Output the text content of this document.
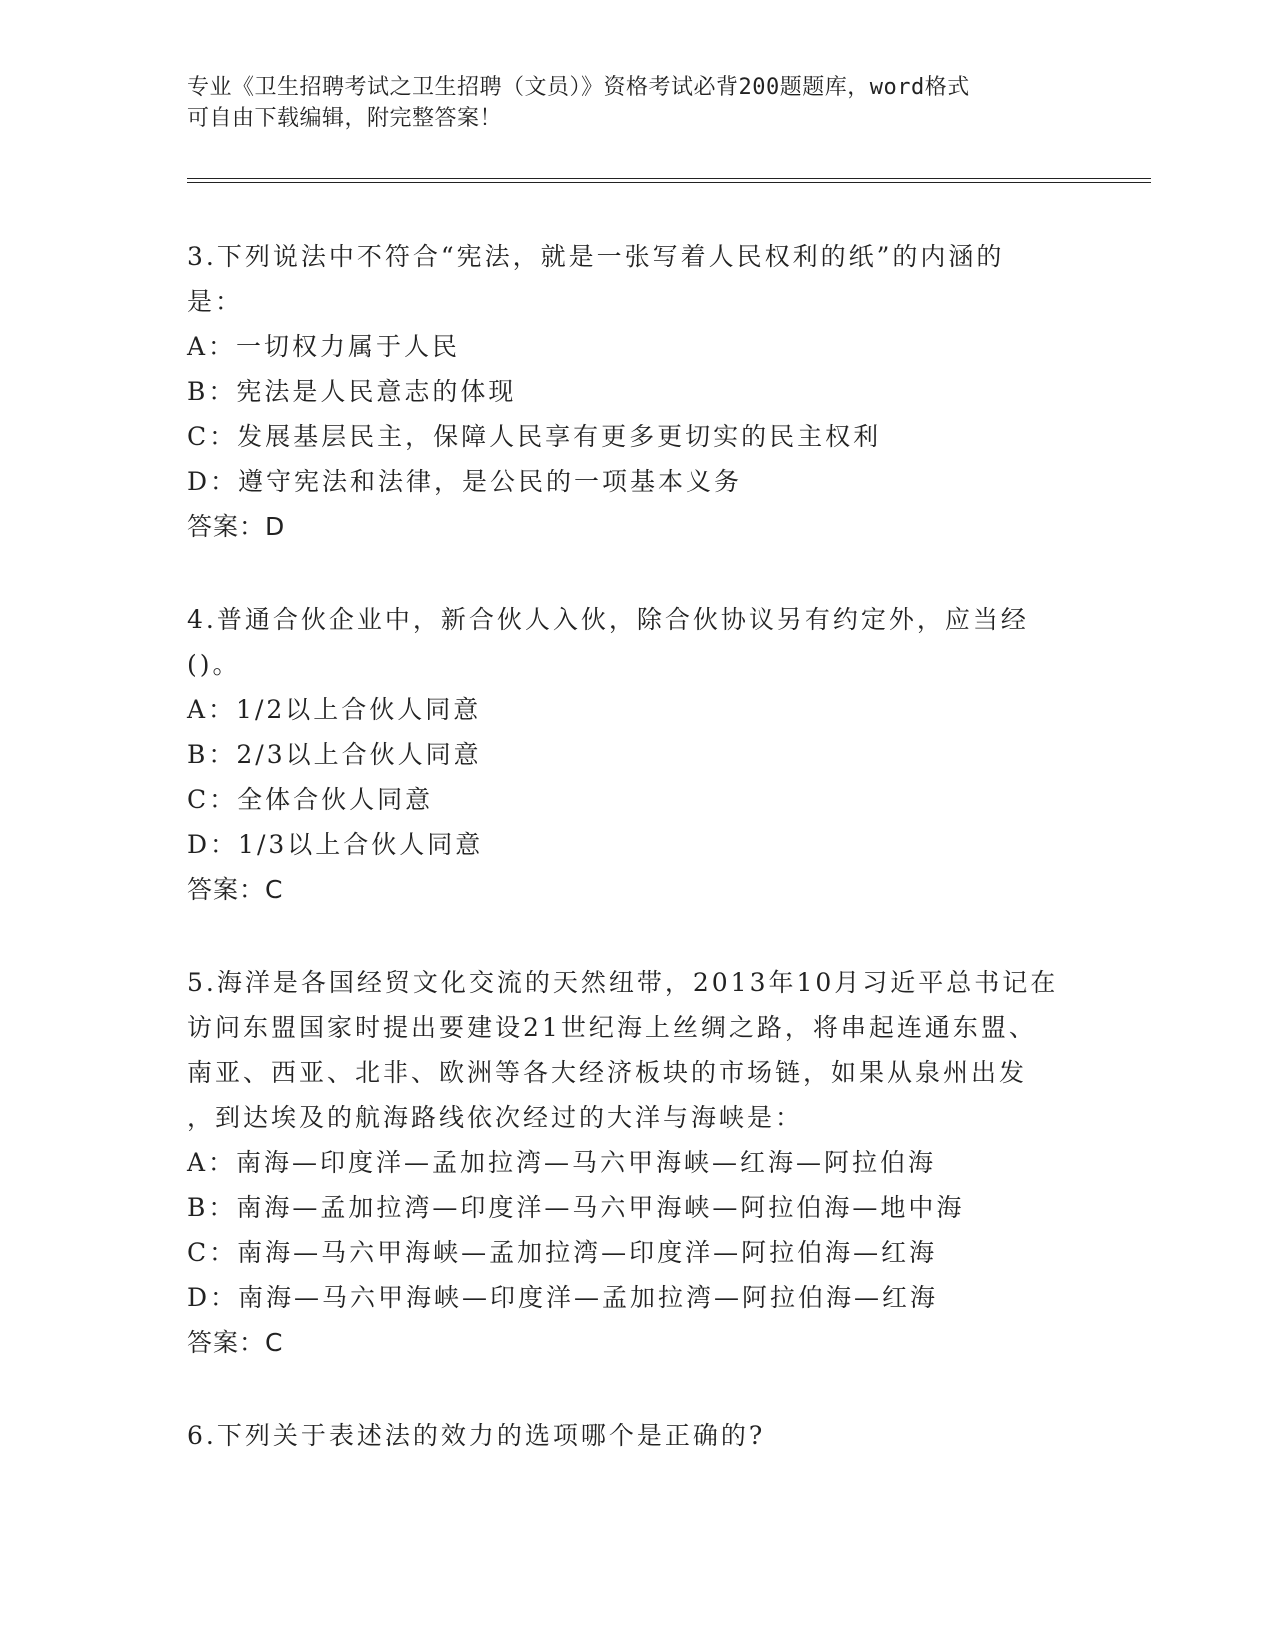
专业《卫生招聘考试之卫生招聘（文员）》资格考试必背200题题库，word格式
可自由下载编辑，附完整答案！

3.下列说法中不符合“宪法，就是一张写着人民权利的纸”的内涵的

是：

A：一切权力属于人民

B：宪法是人民意志的体现

C：发展基层民主，保障人民享有更多更切实的民主权利

D：遵守宪法和法律，是公民的一项基本义务

答案：D

4.普通合伙企业中，新合伙人入伙，除合伙协议另有约定外，应当经

()。

A：1/2以上合伙人同意

B：2/3以上合伙人同意

C：全体合伙人同意

D：1/3以上合伙人同意

答案：C

5.海洋是各国经贸文化交流的天然纽带，2013年10月习近平总书记在

访问东盟国家时提出要建设21世纪海上丝绸之路，将串起连通东盟、

南亚、西亚、北非、欧洲等各大经济板块的市场链，如果从泉州出发

，到达埃及的航海路线依次经过的大洋与海峡是：

A：南海—印度洋—孟加拉湾—马六甲海峡—红海—阿拉伯海

B：南海—孟加拉湾—印度洋—马六甲海峡—阿拉伯海—地中海

C：南海—马六甲海峡—孟加拉湾—印度洋—阿拉伯海—红海

D：南海—马六甲海峡—印度洋—孟加拉湾—阿拉伯海—红海

答案：C

6.下列关于表述法的效力的选项哪个是正确的?
